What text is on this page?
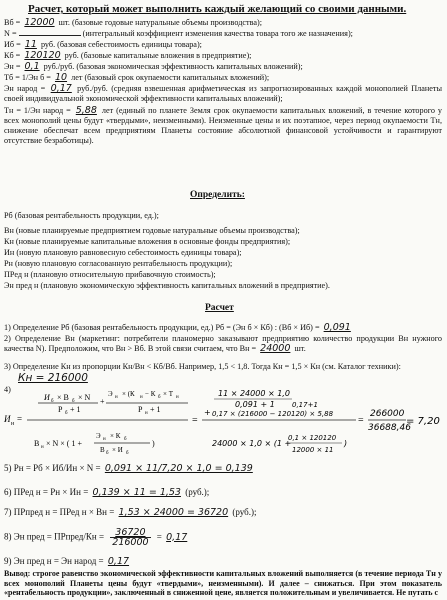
Расчет, который может выполнить каждый желающий со своими данными.
Вб = 12000 шт. (базовые годовые натуральные объемы производства);
N =	(интегральный коэффициент изменения качества товара того же назначения);
Иб = 11 руб. (базовая себестоимость единицы товара);
Кб = 120120 руб. (базовые капитальные вложения в предприятие);
Эн = 0,1 руб./руб. (базовая экономическая эффективность капитальных вложений);
Тб = 1/Эн б = 10 лет (базовый срок окупаемости капитальных вложений);
Эн народ = 0,17 руб./руб. (средняя взвешенная арифметическая из запрогнозированных каждой монополией Планеты своей индивидуальной экономической эффективности капитальных вложений);
Тн = 1/Эн народ = 5,88 лет (единый по планете Земля срок окупаемости капитальных вложений, в течение которого у всех монополий цены будут «твердыми», неизменными). Неизменные цены и их поэтапное, через период окупаемости Тн, снижение обеспечат всем предприятиям Планеты состояние абсолютной финансовой устойчивости и гарантируют отсутствие безработицы).
Определить:
Рб (базовая рентабельность продукции, ед.);
Вн (новые планируемые предприятием годовые натуральные объемы производства);
Кн (новые планируемые капитальные вложения в основные фонды предприятия);
Ин (новую плановую равновесную себестоимость единицы товара);
Рн (новую плановую согласованную рентабельность продукции);
ПРед н (плановую относительную прибавочную стоимость);
Эн пред н (плановую экономическую эффективность капитальных вложений в предприятие).
Расчет
1) Определение Рб (базовая рентабельность продукции, ед.) Рб = (Эн б × Кб) : (Вб × Иб) = 0,091
2) Определение Вн (маркетинг: потребители планомерно заказывают предприятию количество продукции Вн нужного качества N). Предположим, что Вн > Вб. В этой связи считаем, что Вн = 24000 шт.
3) Определение Кн из пропорции Кн/Вн < Кб/Вб. Например, 1,5 < 1,8. Тогда Кн = 1,5 × Кн (см. Каталог техники):
Кн = 216000
4)
И н =
И б × В б × N
Р б + 1
+
Э н × (К н − К б × Т н
Р н + 1
В н × N × ( 1 +
Э н × К б
В б × И б
)
=
11 × 24000 × 1,0
0,091 + 1
+ 0,17 × (216000 − 120120) × 5,88
0,17+1
24000 × 1,0 × (1 +
0,1 × 120120
12000 × 11
)
=
266000
36688,46
= 7,20
5) Рн = Рб × Иб/Ин × N = 0,091 × 11/7,20 × 1,0 = 0,139
6) ПРед н = Рн × Ин = 0,139 × 11 = 1,53 (руб.);
7) ПРпред н = ПРед н × Вн = 1,53 × 24000 = 36720 (руб.);
8) Эн пред = ПРпред/Кн = $\frac{36720}{216000} = 0,17$
9) Эн пред н = Эн народ = 0,17
Вывод: строгое равенство экономической эффективности капитальных вложений выполняется (в течение периода Тн у всех монополий Планеты цены будут «твердыми», неизменными). И далее – снижаться. При этом показатель «рентабельность продукции», заключенный в сниженной цене, является положительным и увеличивается. Не путать с
